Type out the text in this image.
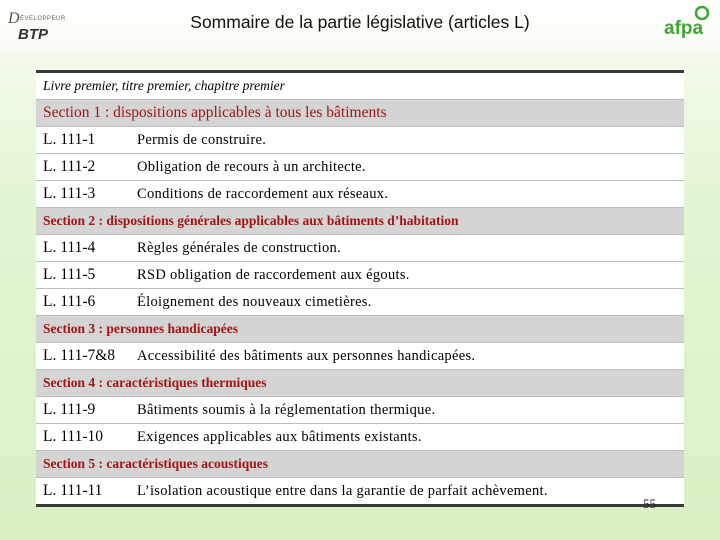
D ÉVELOPPEUR
BTP
Sommaire de la partie législative (articles L)	afpa
Livre premier, titre premier, chapitre premier
Section 1 : dispositions applicables à tous les bâtiments
L. 111-1	Permis de construire.
L. 111-2	Obligation de recours à un architecte.
L. 111-3	Conditions de raccordement aux réseaux.
Section 2 : dispositions générales applicables aux bâtiments d’habitation
L. 111-4	Règles générales de construction.
L. 111-5	RSD obligation de raccordement aux égouts.
L. 111-6	Éloignement des nouveaux cimetières.
Section 3 : personnes handicapées
L. 111-7&8	Accessibilité des bâtiments aux personnes handicapées.
Section 4 : caractéristiques thermiques
L. 111-9	Bâtiments soumis à la réglementation thermique.
L. 111-10	Exigences applicables aux bâtiments existants.
Section 5 : caractéristiques acoustiques
L. 111-11	L’isolation acoustique entre dans la garantie de parfait achèvement.
55
